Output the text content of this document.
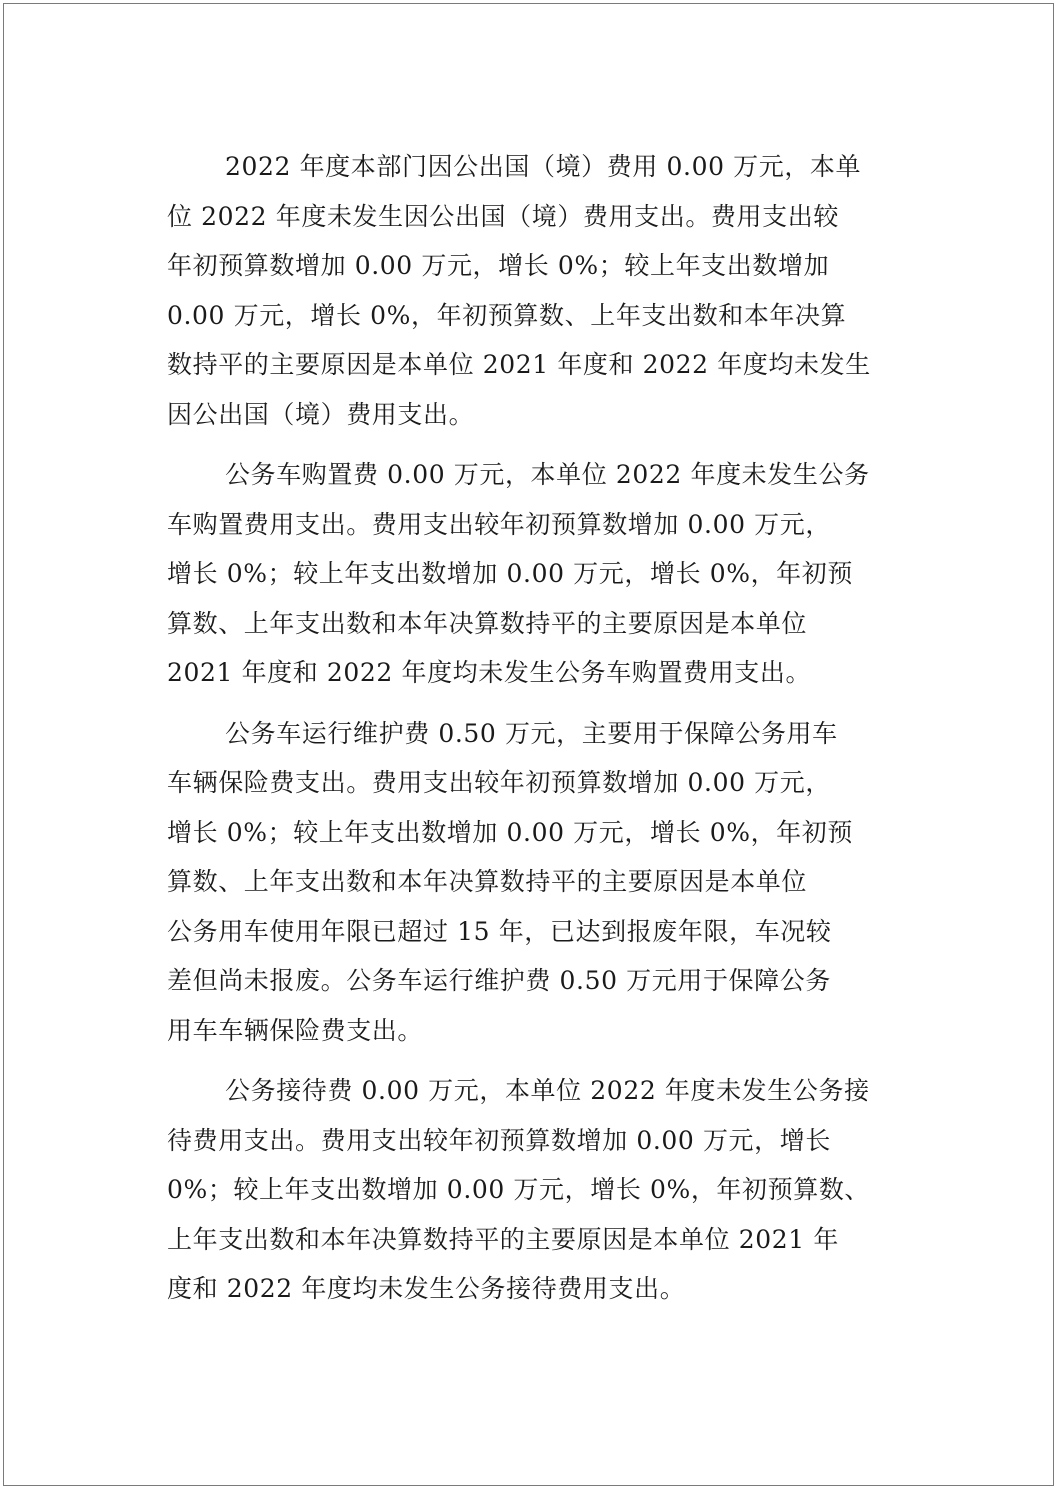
2022 年度本部门因公出国（境）费用 0.00 万元，本单
位 2022 年度未发生因公出国（境）费用支出。费用支出较
年初预算数增加 0.00 万元，增长 0%；较上年支出数增加
0.00 万元，增长 0%，年初预算数、上年支出数和本年决算
数持平的主要原因是本单位 2021 年度和 2022 年度均未发生
因公出国（境）费用支出。
公务车购置费 0.00 万元，本单位 2022 年度未发生公务
车购置费用支出。费用支出较年初预算数增加 0.00 万元，
增长 0%；较上年支出数增加 0.00 万元，增长 0%，年初预
算数、上年支出数和本年决算数持平的主要原因是本单位
2021 年度和 2022 年度均未发生公务车购置费用支出。
公务车运行维护费 0.50 万元，主要用于保障公务用车
车辆保险费支出。费用支出较年初预算数增加 0.00 万元，
增长 0%；较上年支出数增加 0.00 万元，增长 0%，年初预
算数、上年支出数和本年决算数持平的主要原因是本单位
公务用车使用年限已超过 15 年，已达到报废年限，车况较
差但尚未报废。公务车运行维护费 0.50 万元用于保障公务
用车车辆保险费支出。
公务接待费 0.00 万元，本单位 2022 年度未发生公务接
待费用支出。费用支出较年初预算数增加 0.00 万元，增长
0%；较上年支出数增加 0.00 万元，增长 0%，年初预算数、
上年支出数和本年决算数持平的主要原因是本单位 2021 年
度和 2022 年度均未发生公务接待费用支出。
